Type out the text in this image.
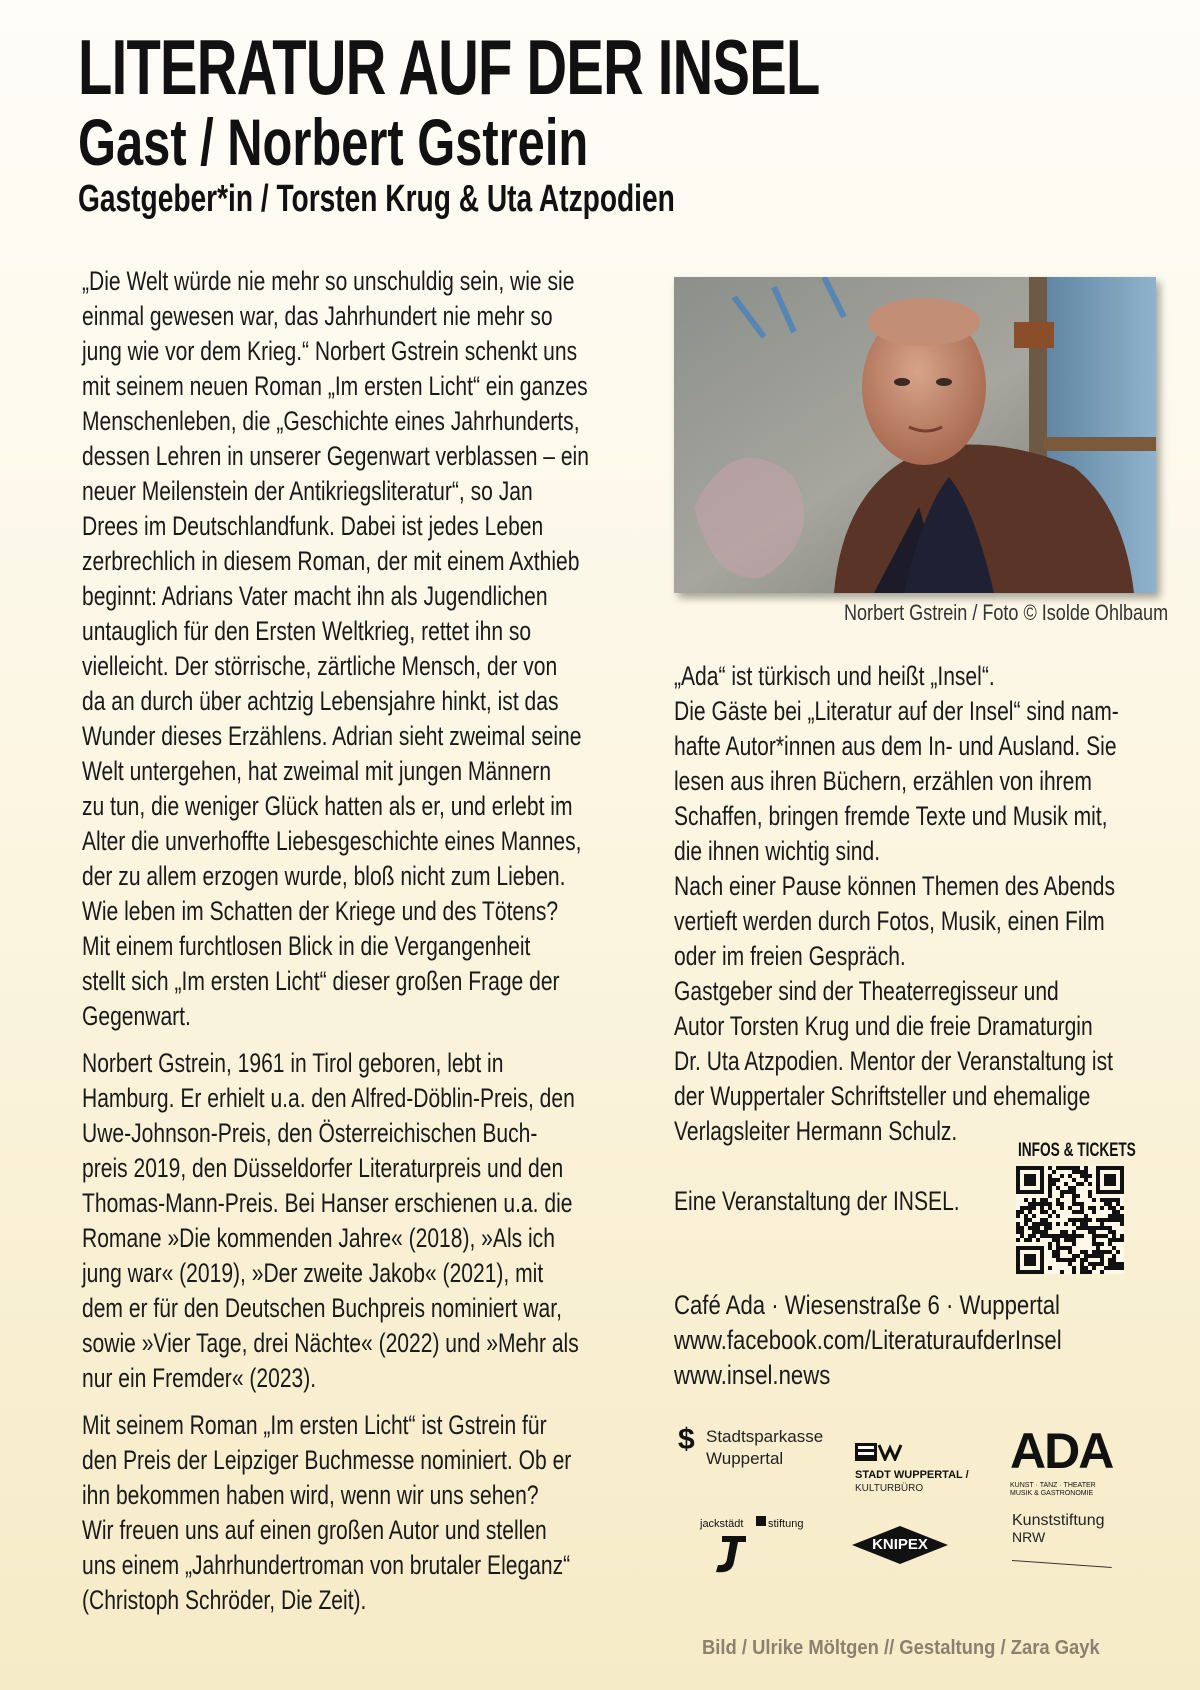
LITERATUR AUF DER INSEL
Gast / Norbert Gstrein
Gastgeber*in / Torsten Krug & Uta Atzpodien

„Die Welt würde nie mehr so unschuldig sein, wie sie
einmal gewesen war, das Jahrhundert nie mehr so
jung wie vor dem Krieg.“ Norbert Gstrein schenkt uns
mit seinem neuen Roman „Im ersten Licht“ ein ganzes
Menschenleben, die „Geschichte eines Jahrhunderts,
dessen Lehren in unserer Gegenwart verblassen – ein
neuer Meilenstein der Antikriegsliteratur“, so Jan
Drees im Deutschlandfunk. Dabei ist jedes Leben
zerbrechlich in diesem Roman, der mit einem Axthieb
beginnt: Adrians Vater macht ihn als Jugendlichen
untauglich für den Ersten Weltkrieg, rettet ihn so
vielleicht. Der störrische, zärtliche Mensch, der von
da an durch über achtzig Lebensjahre hinkt, ist das
Wunder dieses Erzählens. Adrian sieht zweimal seine
Welt untergehen, hat zweimal mit jungen Männern
zu tun, die weniger Glück hatten als er, und erlebt im
Alter die unverhoffte Liebesgeschichte eines Mannes,
der zu allem erzogen wurde, bloß nicht zum Lieben.
Wie leben im Schatten der Kriege und des Tötens?
Mit einem furchtlosen Blick in die Vergangenheit
stellt sich „Im ersten Licht“ dieser großen Frage der
Gegenwart.

Norbert Gstrein, 1961 in Tirol geboren, lebt in
Hamburg. Er erhielt u.a. den Alfred-Döblin-Preis, den
Uwe-Johnson-Preis, den Österreichischen Buch-
preis 2019, den Düsseldorfer Literaturpreis und den
Thomas-Mann-Preis. Bei Hanser erschienen u.a. die
Romane »Die kommenden Jahre« (2018), »Als ich
jung war« (2019), »Der zweite Jakob« (2021), mit
dem er für den Deutschen Buchpreis nominiert war,
sowie »Vier Tage, drei Nächte« (2022) und »Mehr als
nur ein Fremder« (2023).

Mit seinem Roman „Im ersten Licht“ ist Gstrein für
den Preis der Leipziger Buchmesse nominiert. Ob er
ihn bekommen haben wird, wenn wir uns sehen?
Wir freuen uns auf einen großen Autor und stellen
uns einem „Jahrhundertroman von brutaler Eleganz“
(Christoph Schröder, Die Zeit).

Norbert Gstrein / Foto © Isolde Ohlbaum

„Ada“ ist türkisch und heißt „Insel“.

Die Gäste bei „Literatur auf der Insel“ sind nam-

hafte Autor*innen aus dem In- und Ausland. Sie

lesen aus ihren Büchern, erzählen von ihrem

Schaffen, bringen fremde Texte und Musik mit,

die ihnen wichtig sind.

Nach einer Pause können Themen des Abends

vertieft werden durch Fotos, Musik, einen Film

oder im freien Gespräch.

Gastgeber sind der Theaterregisseur und

Autor Torsten Krug und die freie Dramaturgin

Dr. Uta Atzpodien. Mentor der Veranstaltung ist

der Wuppertaler Schriftsteller und ehemalige

Verlagsleiter Hermann Schulz.

Eine Veranstaltung der INSEL.

INFOS & TICKETS
Café Ada · Wiesenstraße 6 · Wuppertal
www.facebook.com/LiteraturaufderInsel
www.insel.news
$ Stadtsparkasse
Wuppertal
STADT WUPPERTAL /
KULTURBÜRO
ADA
KUNST · TANZ · THEATER
MUSIK & GASTRONOMIE
jackstädt stiftung
KNIPEX
Kunststiftung
NRW
Bild / Ulrike Möltgen // Gestaltung / Zara Gayk
